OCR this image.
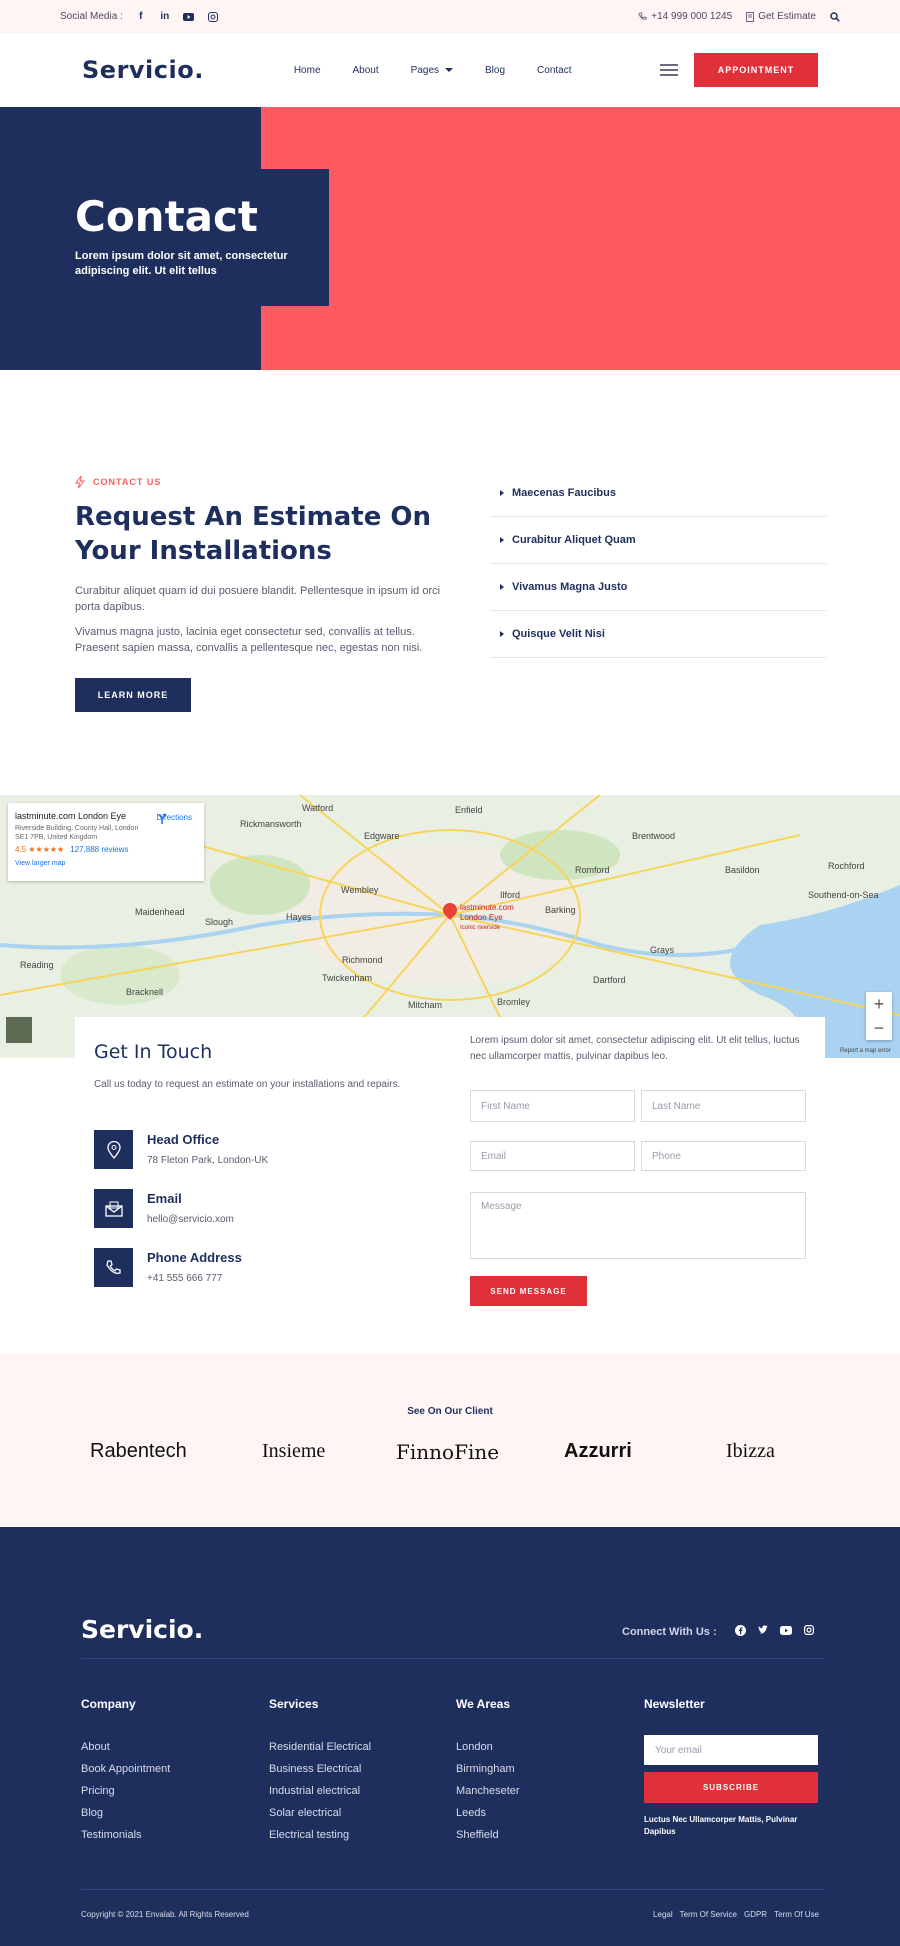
Social Media :	f	in	+14 999 000 1245	Get Estimate
Servicio.	Home	About	Pages	Blog	Contact	APPOINTMENT
Contact

Lorem ipsum dolor sit amet, consectetur adipiscing elit. Ut elit tellus

CONTACT US
Request An Estimate On Your Installations

Curabitur aliquet quam id dui posuere blandit. Pellentesque in ipsum id orci porta dapibus.

Vivamus magna justo, lacinia eget consectetur sed, convallis at tellus. Praesent sapien massa, convallis a pellentesque nec, egestas non nisi.

LEARN MORE
Maecenas Faucibus
Curabitur Aliquet Quam
Vivamus Magna Justo
Quisque Velit Nisi
Watford	Enfield
Rickmansworth
Edgware	Brentwood
Basildon
Romford
Wembley
Hayes
Slough
Maidenhead
Richmond
Twickenham
Mitcham	Bromley
Dartford
Grays
Reading
Bracknell
Southend-on-Sea
Rochford
Ilford
Barking
lastminute.com London Eye
Iconic riverside
lastminute.com London Eye
Riverside Building, County Hall, London SE1 7PB, United Kingdom
4.5 ★★★★★ 127,888 reviews
View larger map
Directions
+
−
Report a map error
Get In Touch

Call us today to request an estimate on your installations and repairs.

Head Office
78 Fleton Park, London-UK
Email
hello@servicio.xom
Phone Address
+41 555 666 777

Lorem ipsum dolor sit amet, consectetur adipiscing elit. Ut elit tellus, luctus nec ullamcorper mattis, pulvinar dapibus leo.

First Name	Last Name
Email	Phone
Message
SEND MESSAGE
See On Our Client
Rabentech	Insieme	FinnoFine	Azzurri	Ibizza
Servicio.	Connect With Us :
Company
About
Book Appointment
Pricing
Blog
Testimonials
Services
Residential Electrical
Business Electrical
Industrial electrical
Solar electrical
Electrical testing
We Areas
London
Birmingham
Mancheseter
Leeds
Sheffield
Newsletter
Your email
SUBSCRIBE
Luctus Nec Ullamcorper Mattis, Pulvinar Dapibus
Copyright © 2021 Envalab. All Rights Reserved	Legal Term Of Service GDPR Term Of Use
